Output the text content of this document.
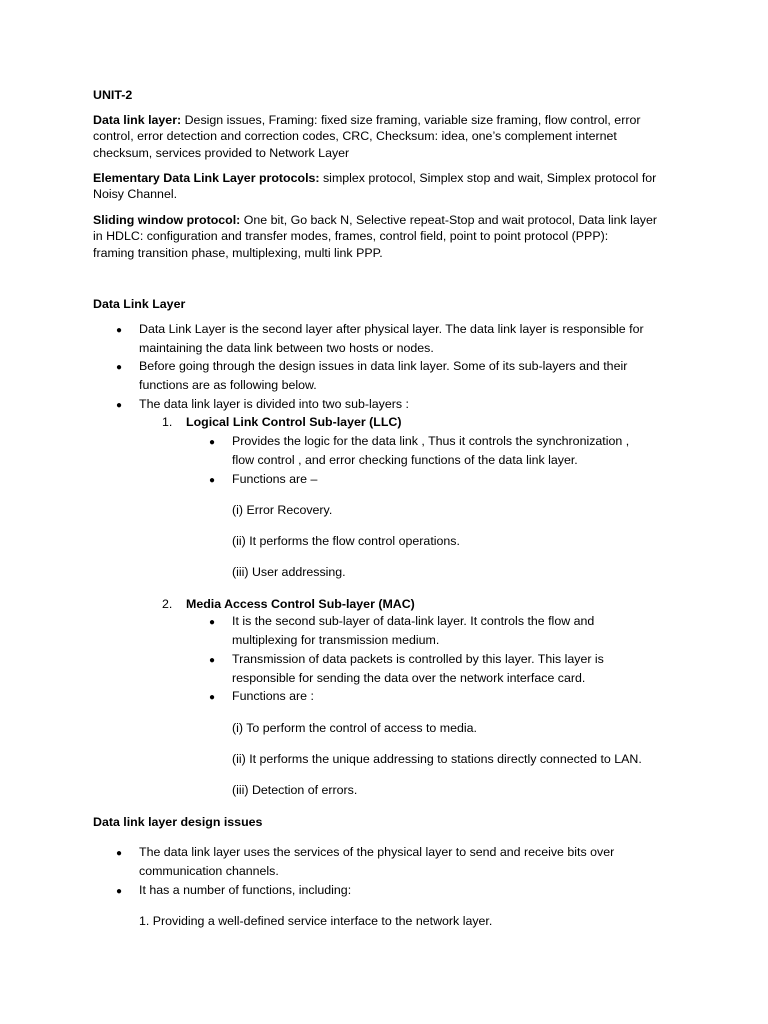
UNIT-2
Data link layer: Design issues, Framing: fixed size framing, variable size framing, flow control, error
control, error detection and correction codes, CRC, Checksum: idea, one’s complement internet
checksum, services provided to Network Layer
Elementary Data Link Layer protocols: simplex protocol, Simplex stop and wait, Simplex protocol for
Noisy Channel.
Sliding window protocol: One bit, Go back N, Selective repeat-Stop and wait protocol, Data link layer
in HDLC: configuration and transfer modes, frames, control field, point to point protocol (PPP):
framing transition phase, multiplexing, multi link PPP.
Data Link Layer
● Data Link Layer is the second layer after physical layer. The data link layer is responsible for
maintaining the data link between two hosts or nodes.
● Before going through the design issues in data link layer. Some of its sub-layers and their
functions are as following below.
● The data link layer is divided into two sub-layers :
1. Logical Link Control Sub-layer (LLC)
● Provides the logic for the data link , Thus it controls the synchronization ,
flow control , and error checking functions of the data link layer.
● Functions are –
(i) Error Recovery.
(ii) It performs the flow control operations.
(iii) User addressing.
2. Media Access Control Sub-layer (MAC)
● It is the second sub-layer of data-link layer. It controls the flow and
multiplexing for transmission medium.
● Transmission of data packets is controlled by this layer. This layer is
responsible for sending the data over the network interface card.
● Functions are :
(i) To perform the control of access to media.
(ii) It performs the unique addressing to stations directly connected to LAN.
(iii) Detection of errors.
Data link layer design issues
● The data link layer uses the services of the physical layer to send and receive bits over
communication channels.
● It has a number of functions, including:
1. Providing a well-defined service interface to the network layer.
